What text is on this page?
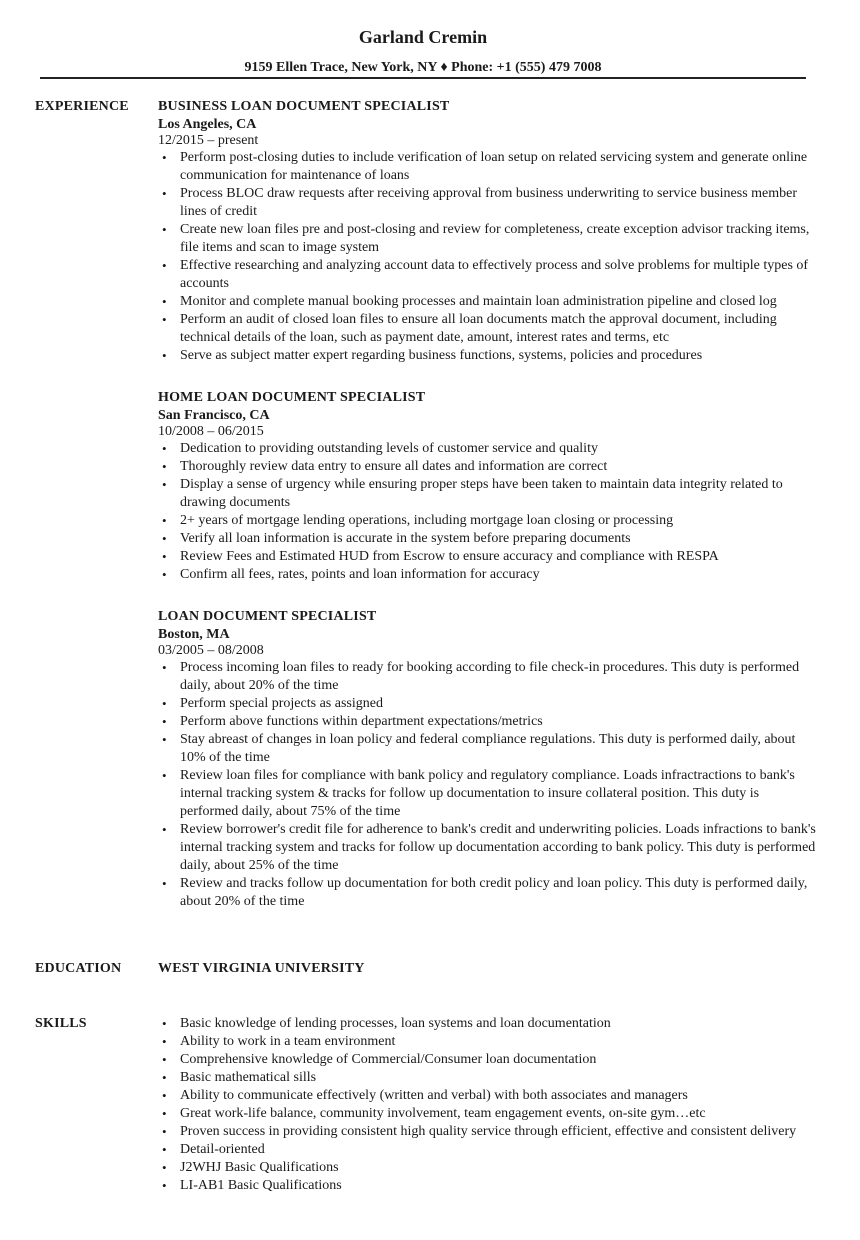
Garland Cremin
9159 Ellen Trace, New York, NY ♦ Phone: +1 (555) 479 7008
EXPERIENCE BUSINESS LOAN DOCUMENT SPECIALIST
Los Angeles, CA
12/2015 – present
• Perform post-closing duties to include verification of loan setup on related servicing system and generate online communication for maintenance of loans
• Process BLOC draw requests after receiving approval from business underwriting to service business member lines of credit
• Create new loan files pre and post-closing and review for completeness, create exception advisor tracking items, file items and scan to image system
• Effective researching and analyzing account data to effectively process and solve problems for multiple types of accounts
• Monitor and complete manual booking processes and maintain loan administration pipeline and closed log
• Perform an audit of closed loan files to ensure all loan documents match the approval document, including technical details of the loan, such as payment date, amount, interest rates and terms, etc
• Serve as subject matter expert regarding business functions, systems, policies and procedures
HOME LOAN DOCUMENT SPECIALIST
San Francisco, CA
10/2008 – 06/2015
• Dedication to providing outstanding levels of customer service and quality
• Thoroughly review data entry to ensure all dates and information are correct
• Display a sense of urgency while ensuring proper steps have been taken to maintain data integrity related to drawing documents
• 2+ years of mortgage lending operations, including mortgage loan closing or processing
• Verify all loan information is accurate in the system before preparing documents
• Review Fees and Estimated HUD from Escrow to ensure accuracy and compliance with RESPA
• Confirm all fees, rates, points and loan information for accuracy
LOAN DOCUMENT SPECIALIST
Boston, MA
03/2005 – 08/2008
• Process incoming loan files to ready for booking according to file check-in procedures. This duty is performed daily, about 20% of the time
• Perform special projects as assigned
• Perform above functions within department expectations/metrics
• Stay abreast of changes in loan policy and federal compliance regulations. This duty is performed daily, about 10% of the time
• Review loan files for compliance with bank policy and regulatory compliance. Loads infractractions to bank's internal tracking system & tracks for follow up documentation to insure collateral position. This duty is performed daily, about 75% of the time
• Review borrower's credit file for adherence to bank's credit and underwriting policies. Loads infractions to bank's internal tracking system and tracks for follow up documentation according to bank policy. This duty is performed daily, about 25% of the time
• Review and tracks follow up documentation for both credit policy and loan policy. This duty is performed daily, about 20% of the time
EDUCATION	WEST VIRGINIA UNIVERSITY
SKILLS	• Basic knowledge of lending processes, loan systems and loan documentation
• Ability to work in a team environment
• Comprehensive knowledge of Commercial/Consumer loan documentation
• Basic mathematical sills
• Ability to communicate effectively (written and verbal) with both associates and managers
• Great work-life balance, community involvement, team engagement events, on-site gym…etc
• Proven success in providing consistent high quality service through efficient, effective and consistent delivery
• Detail-oriented
• J2WHJ Basic Qualifications
• LI-AB1 Basic Qualifications
